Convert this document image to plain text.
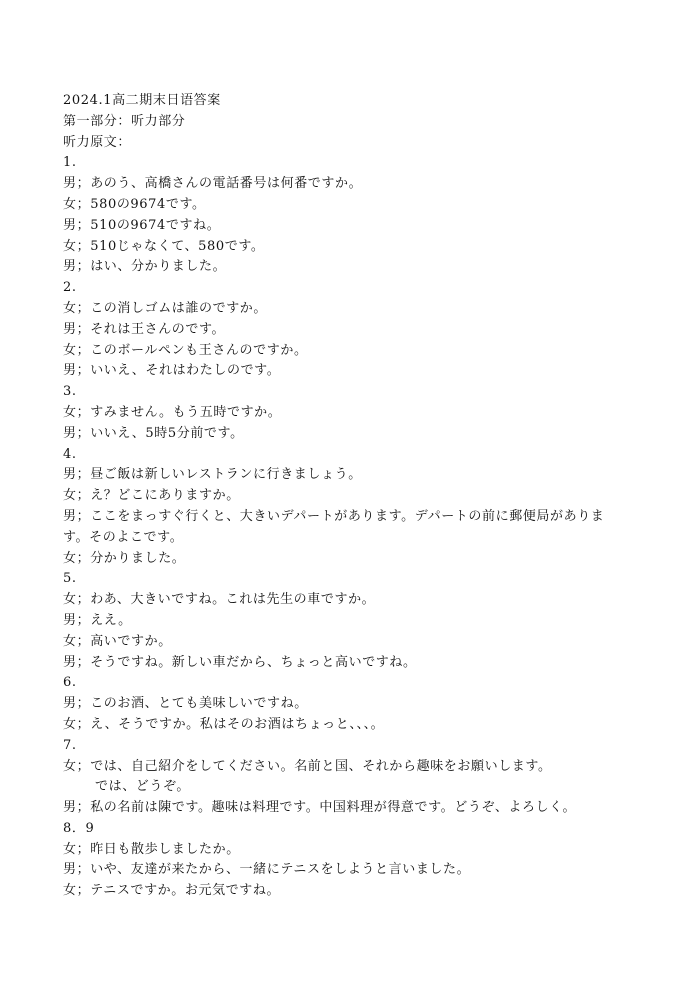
2024.1高二期末日语答案
第一部分：听力部分
听力原文：
1.
男；あのう、高橋さんの電話番号は何番ですか。
女；580の9674です。
男；510の9674ですね。
女；510じゃなくて、580です。
男；はい、分かりました。
2.
女；この消しゴムは誰のですか。
男；それは王さんのです。
女；このボールペンも王さんのですか。
男；いいえ、それはわたしのです。
3.
女；すみません。もう五時ですか。
男；いいえ、5時5分前です。
4.
男；昼ご飯は新しいレストランに行きましょう。
女；え？どこにありますか。
男；ここをまっすぐ行くと、大きいデパートがあります。デパートの前に郵便局がありま
す。そのよこです。
女；分かりました。
5.
女；わあ、大きいですね。これは先生の車ですか。
男；ええ。
女；高いですか。
男；そうですね。新しい車だから、ちょっと高いですね。
6.
男；このお酒、とても美味しいですね。
女；え、そうですか。私はそのお酒はちょっと、、、。
7.
女；では、自己紹介をしてください。名前と国、それから趣味をお願いします。
では、どうぞ。
男；私の名前は陳です。趣味は料理です。中国料理が得意です。どうぞ、よろしく。
8．9
女；昨日も散歩しましたか。
男；いや、友達が来たから、一緒にテニスをしようと言いました。
女；テニスですか。お元気ですね。
